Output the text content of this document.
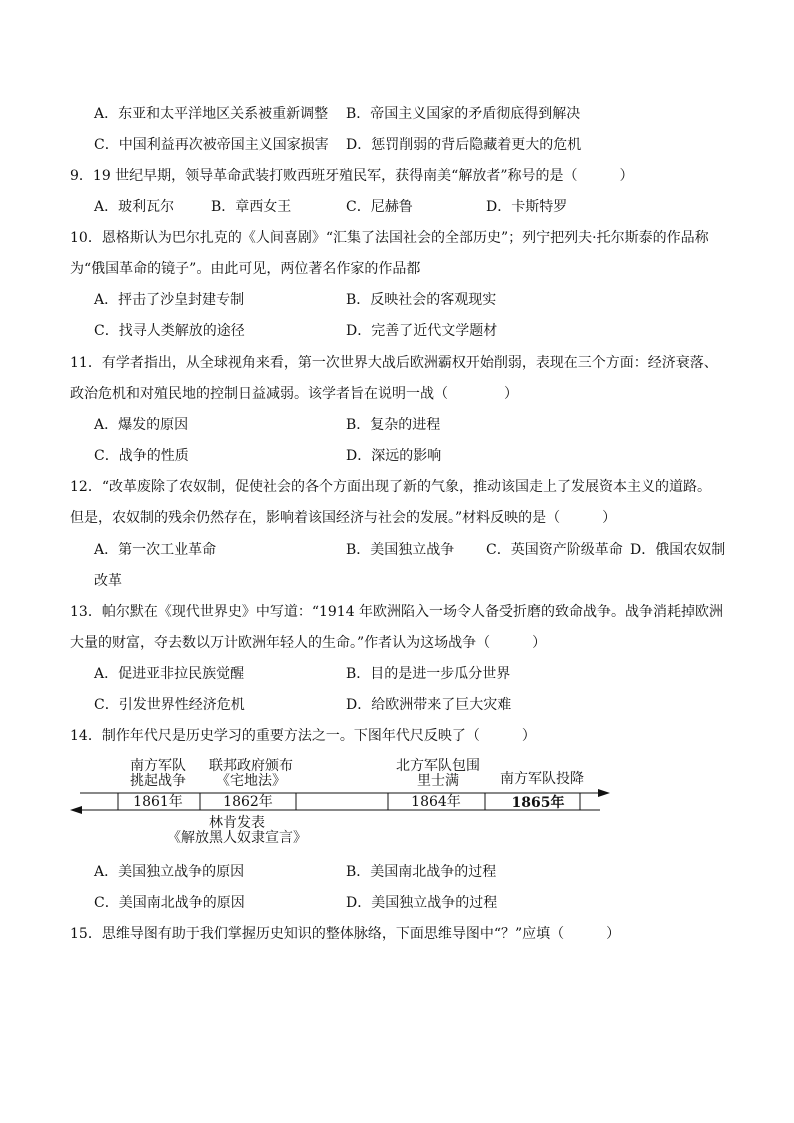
A．东亚和太平洋地区关系被重新调整 B．帝国主义国家的矛盾彻底得到解决
C．中国利益再次被帝国主义国家损害 D．惩罚削弱的背后隐藏着更大的危机
9．19 世纪早期，领导革命武装打败西班牙殖民军，获得南美“解放者”称号的是（　　　）
A．玻利瓦尔	B．章西女王	C．尼赫鲁	D．卡斯特罗
10．恩格斯认为巴尔扎克的《人间喜剧》“汇集了法国社会的全部历史”；列宁把列夫·托尔斯泰的作品称
为“俄国革命的镜子”。由此可见，两位著名作家的作品都
A．抨击了沙皇封建专制	B．反映社会的客观现实
C．找寻人类解放的途径	D．完善了近代文学题材
11．有学者指出，从全球视角来看，第一次世界大战后欧洲霸权开始削弱，表现在三个方面：经济衰落、
政治危机和对殖民地的控制日益减弱。该学者旨在说明一战（　　　　）
A．爆发的原因	B．复杂的进程
C．战争的性质	D．深远的影响
12．“改革废除了农奴制，促使社会的各个方面出现了新的气象，推动该国走上了发展资本主义的道路。
但是，农奴制的残余仍然存在，影响着该国经济与社会的发展。”材料反映的是（　　　）
A．第一次工业革命	B．美国独立战争 C．英国资产阶级革命 D．俄国农奴制
改革
13．帕尔默在《现代世界史》中写道：“1914 年欧洲陷入一场令人备受折磨的致命战争。战争消耗掉欧洲
大量的财富，夺去数以万计欧洲年轻人的生命。”作者认为这场战争（　　　）
A．促进亚非拉民族觉醒	B．目的是进一步瓜分世界
C．引发世界性经济危机	D．给欧洲带来了巨大灾难
14．制作年代尺是历史学习的重要方法之一。下图年代尺反映了（　　　）
南方军队
挑起战争
联邦政府颁布
《宅地法》
北方军队包围
里士满	南方军队投降
1861年	1862年	1864年	1865年
林肯发表
《解放黑人奴隶宣言》
A．美国独立战争的原因	B．美国南北战争的过程
C．美国南北战争的原因	D．美国独立战争的过程
15．思维导图有助于我们掌握历史知识的整体脉络，下面思维导图中“？”应填（　　　）
